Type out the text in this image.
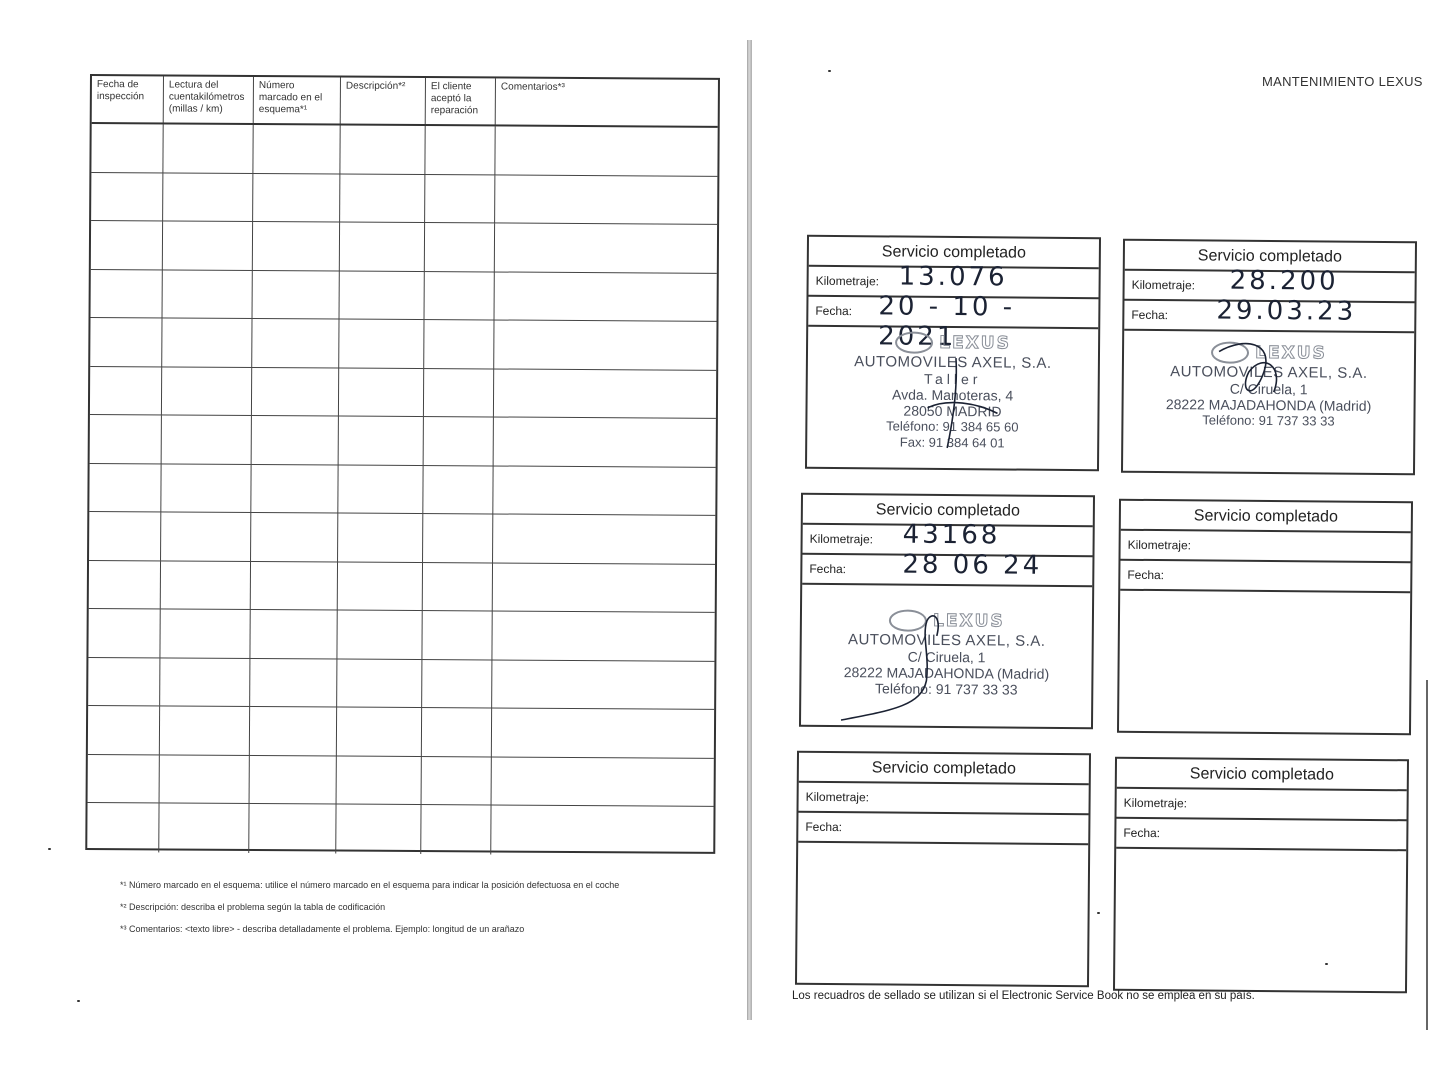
Fecha de inspección
Lectura del cuentakilómetros (millas / km)
Número marcado en el esquema*¹
Descripción*²	El cliente aceptó la reparación
Comentarios*³
*¹ Número marcado en el esquema: utilice el número marcado en el esquema para indicar la posición defectuosa en el coche
*² Descripción: describa el problema según la tabla de codificación
*³ Comentarios: <texto libre> - describa detalladamente el problema. Ejemplo: longitud de un arañazo
MANTENIMIENTO LEXUS
Servicio completado
Kilometraje: 13.076
Fecha: 20 - 10 - 2021
LEXUS
AUTOMOVILES AXEL, S.A.
Taller
Avda. Manoteras, 4
28050 MADRID
Teléfono: 91 384 65 60
Fax: 91 384 64 01
Servicio completado
Kilometraje: 28.200
Fecha: 29.03.23
LEXUS
AUTOMOVILES AXEL, S.A.
C/ Ciruela, 1
28222 MAJADAHONDA (Madrid)
Teléfono: 91 737 33 33
Servicio completado
Kilometraje: 43168
Fecha: 28 06 24
LEXUS
AUTOMOVILES AXEL, S.A.
C/ Ciruela, 1
28222 MAJADAHONDA (Madrid)
Teléfono: 91 737 33 33
Servicio completado
Kilometraje:
Fecha:
Servicio completado
Kilometraje:
Fecha:
Servicio completado
Kilometraje:
Fecha:
Los recuadros de sellado se utilizan si el Electronic Service Book no se emplea en su país.
